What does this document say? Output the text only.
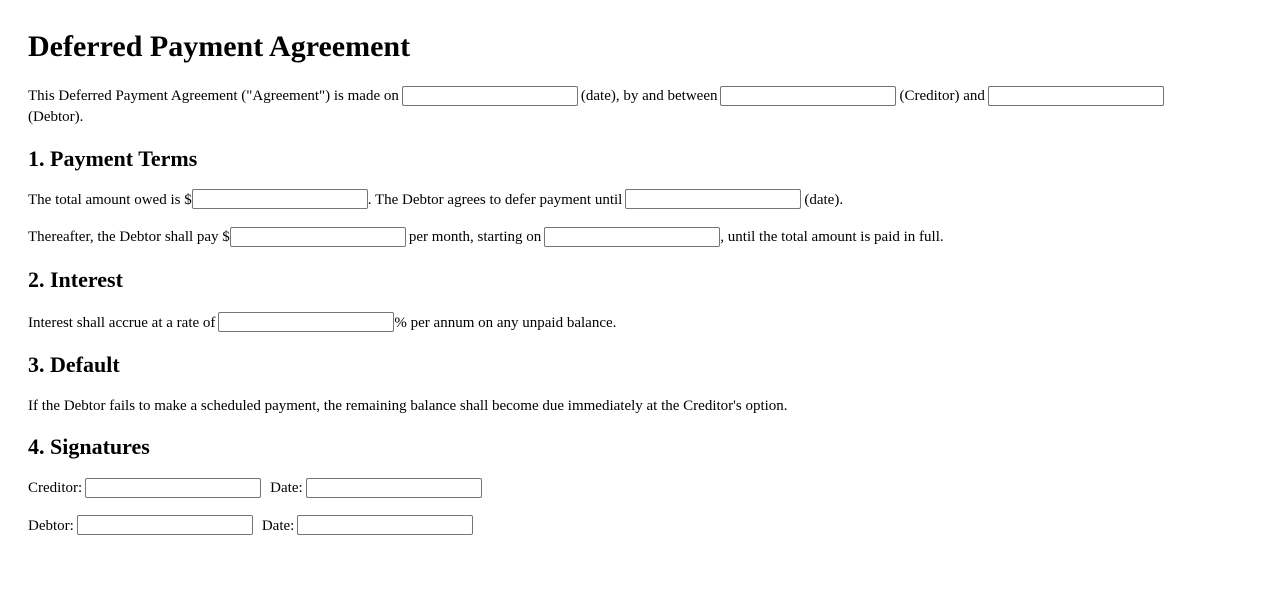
Deferred Payment Agreement

This Deferred Payment Agreement ("Agreement") is made on	(date), by and between	(Creditor) and(Debtor).

1. Payment Terms

The total amount owed is $	. The Debtor agrees to defer payment until	(date).

Thereafter, the Debtor shall pay $	per month, starting on	, until the total amount is paid in full.

2. Interest

Interest shall accrue at a rate of	% per annum on any unpaid balance.

3. Default

If the Debtor fails to make a scheduled payment, the remaining balance shall become due immediately at the Creditor's option.

4. Signatures

Creditor:	Date:

Debtor:	Date:
